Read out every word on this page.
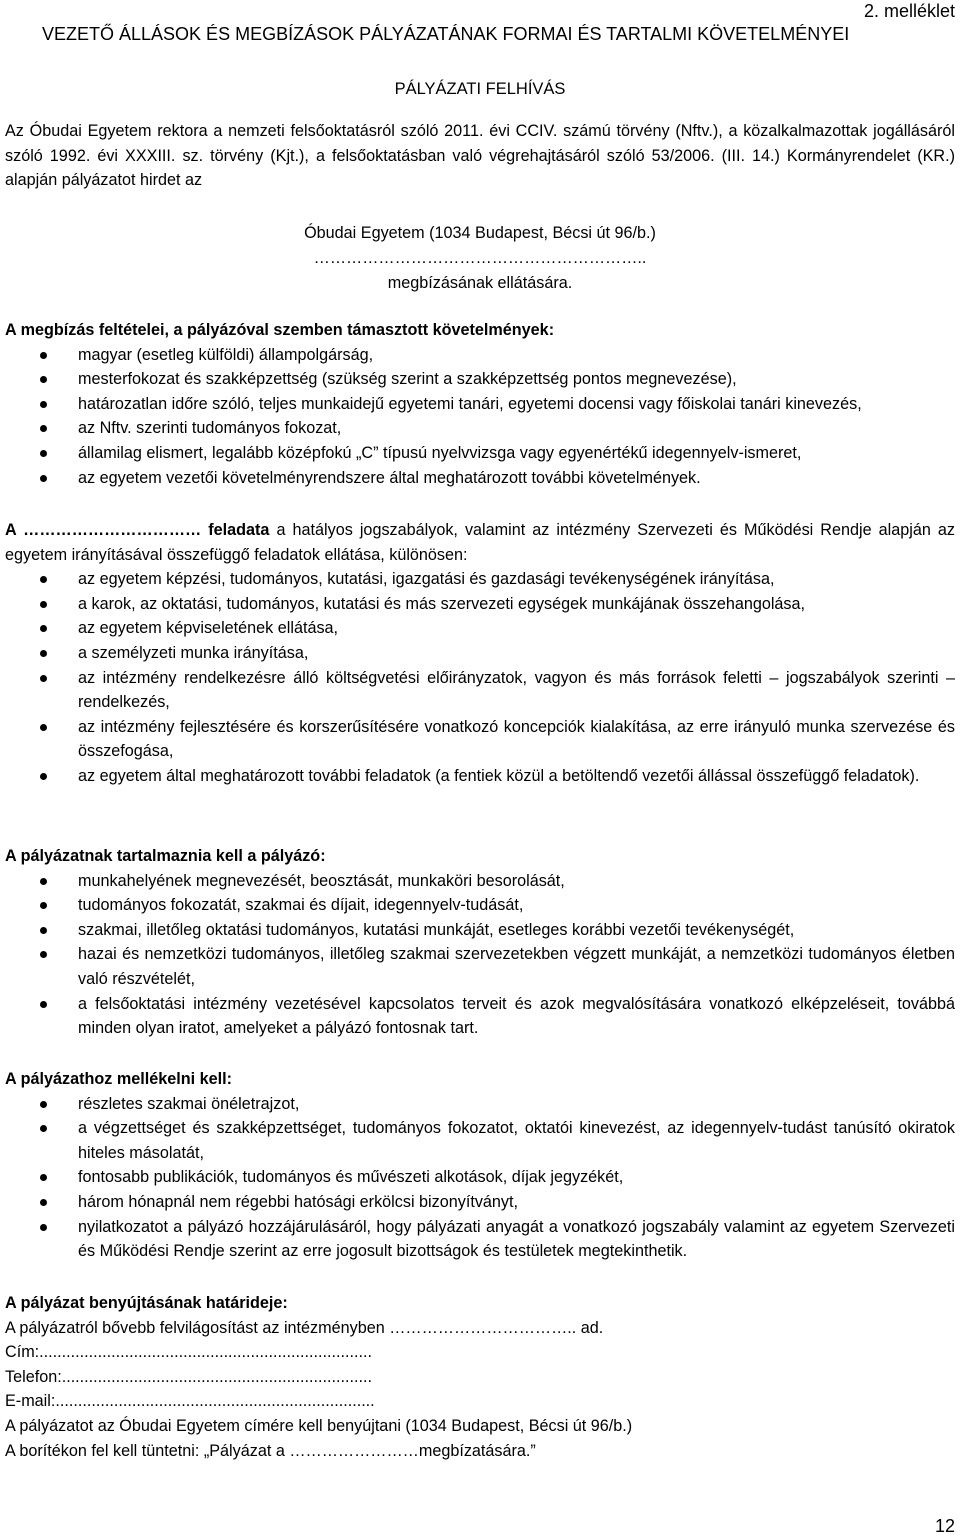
2. melléklet
VEZETŐ ÁLLÁSOK ÉS MEGBÍZÁSOK PÁLYÁZATÁNAK FORMAI ÉS TARTALMI KÖVETELMÉNYEI
PÁLYÁZATI FELHÍVÁS
Az Óbudai Egyetem rektora a nemzeti felsőoktatásról szóló 2011. évi CCIV. számú törvény (Nftv.), a közalkalmazottak jogállásáról szóló 1992. évi XXXIII. sz. törvény (Kjt.), a felsőoktatásban való végrehajtásáról szóló 53/2006. (III. 14.) Kormányrendelet (KR.) alapján pályázatot hirdet az
Óbudai Egyetem (1034 Budapest, Bécsi út 96/b.)
……………………………………………………..
megbízásának ellátására.
A megbízás feltételei, a pályázóval szemben támasztott követelmények:
magyar (esetleg külföldi) állampolgárság,
mesterfokozat és szakképzettség (szükség szerint a szakképzettség pontos megnevezése),
határozatlan időre szóló, teljes munkaidejű egyetemi tanári, egyetemi docensi vagy főiskolai tanári kinevezés,
az Nftv. szerinti tudományos fokozat,
államilag elismert, legalább középfokú „C” típusú nyelvvizsga vagy egyenértékű idegennyelv-ismeret,
az egyetem vezetői követelményrendszere által meghatározott további követelmények.
A …………………………… feladata a hatályos jogszabályok, valamint az intézmény Szervezeti és Működési Rendje alapján az egyetem irányításával összefüggő feladatok ellátása, különösen:
az egyetem képzési, tudományos, kutatási, igazgatási és gazdasági tevékenységének irányítása,
a karok, az oktatási, tudományos, kutatási és más szervezeti egységek munkájának összehangolása,
az egyetem képviseletének ellátása,
a személyzeti munka irányítása,
az intézmény rendelkezésre álló költségvetési előirányzatok, vagyon és más források feletti – jogszabályok szerinti – rendelkezés,
az intézmény fejlesztésére és korszerűsítésére vonatkozó koncepciók kialakítása, az erre irányuló munka szervezése és összefogása,
az egyetem által meghatározott további feladatok (a fentiek közül a betöltendő vezetői állással összefüggő feladatok).
A pályázatnak tartalmaznia kell a pályázó:
munkahelyének megnevezését, beosztását, munkaköri besorolását,
tudományos fokozatát, szakmai és díjait, idegennyelv-tudását,
szakmai, illetőleg oktatási tudományos, kutatási munkáját, esetleges korábbi vezetői tevékenységét,
hazai és nemzetközi tudományos, illetőleg szakmai szervezetekben végzett munkáját, a nemzetközi tudományos életben való részvételét,
a felsőoktatási intézmény vezetésével kapcsolatos terveit és azok megvalósítására vonatkozó elképzeléseit, továbbá minden olyan iratot, amelyeket a pályázó fontosnak tart.
A pályázathoz mellékelni kell:
részletes szakmai önéletrajzot,
a végzettséget és szakképzettséget, tudományos fokozatot, oktatói kinevezést, az idegennyelv-tudást tanúsító okiratok hiteles másolatát,
fontosabb publikációk, tudományos és művészeti alkotások, díjak jegyzékét,
három hónapnál nem régebbi hatósági erkölcsi bizonyítványt,
nyilatkozatot a pályázó hozzájárulásáról, hogy pályázati anyagát a vonatkozó jogszabály valamint az egyetem Szervezeti és Működési Rendje szerint az erre jogosult bizottságok és testületek megtekinthetik.
A pályázat benyújtásának határideje:
A pályázatról bővebb felvilágosítást az intézményben …………………………….. ad.
Cím:..........................................................................
Telefon:.....................................................................
E-mail:.......................................................................
A pályázatot az Óbudai Egyetem címére kell benyújtani (1034 Budapest, Bécsi út 96/b.)
A borítékon fel kell tüntetni: „Pályázat a ……………………megbízatására.”
12
